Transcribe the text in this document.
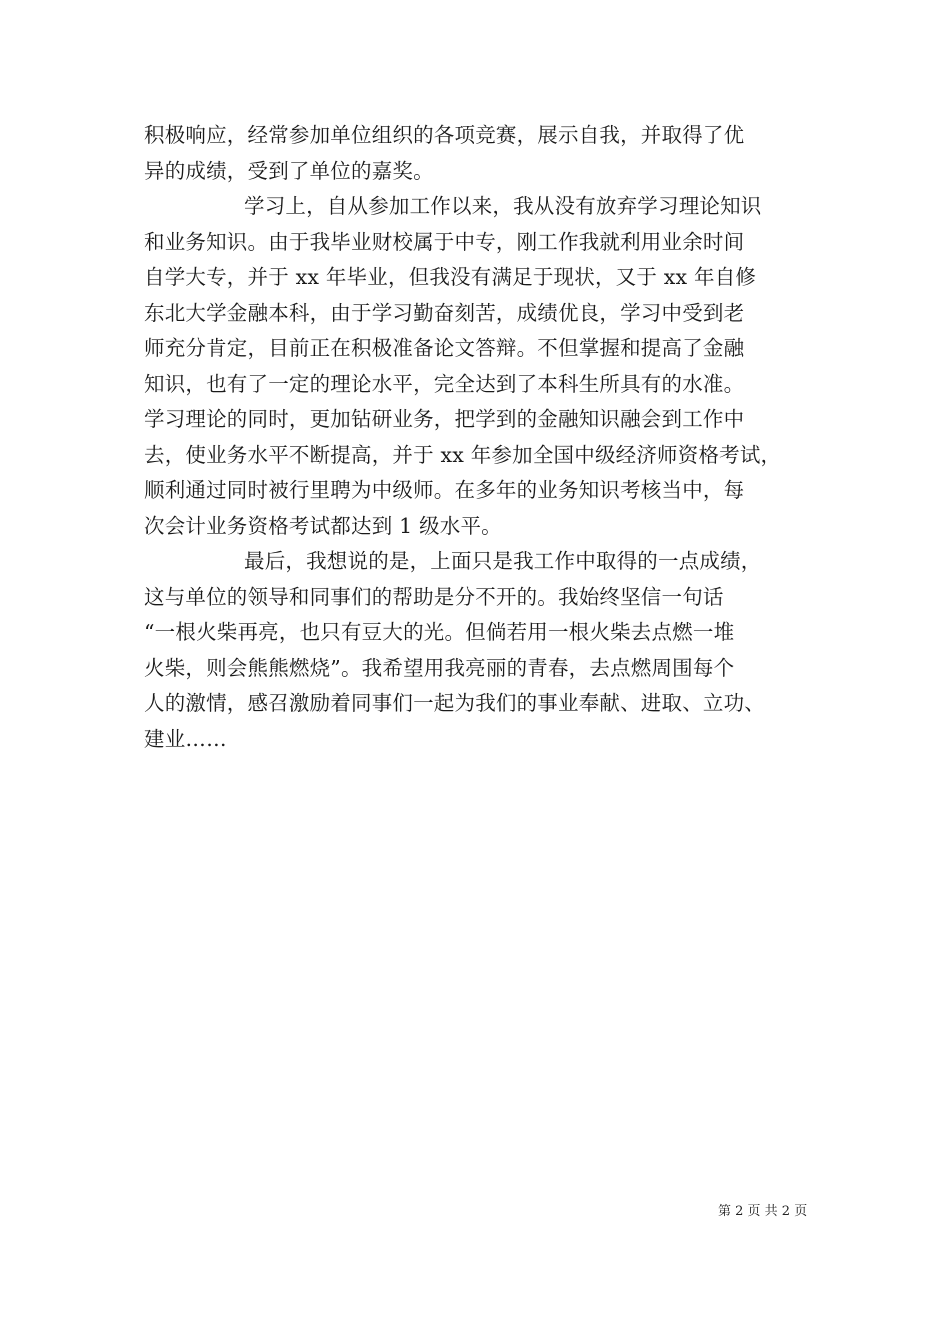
积极响应，经常参加单位组织的各项竞赛，展示自我，并取得了优
异的成绩，受到了单位的嘉奖。
学习上，自从参加工作以来，我从没有放弃学习理论知识
和业务知识。由于我毕业财校属于中专，刚工作我就利用业余时间
自学大专，并于 xx 年毕业，但我没有满足于现状，又于 xx 年自修
东北大学金融本科，由于学习勤奋刻苦，成绩优良，学习中受到老
师充分肯定，目前正在积极准备论文答辩。不但掌握和提高了金融
知识，也有了一定的理论水平，完全达到了本科生所具有的水准。
学习理论的同时，更加钻研业务，把学到的金融知识融会到工作中
去，使业务水平不断提高，并于 xx 年参加全国中级经济师资格考试，
顺利通过同时被行里聘为中级师。在多年的业务知识考核当中，每
次会计业务资格考试都达到 1 级水平。
最后，我想说的是，上面只是我工作中取得的一点成绩，
这与单位的领导和同事们的帮助是分不开的。我始终坚信一句话
“一根火柴再亮，也只有豆大的光。但倘若用一根火柴去点燃一堆
火柴，则会熊熊燃烧”。我希望用我亮丽的青春，去点燃周围每个
人的激情，感召激励着同事们一起为我们的事业奉献、进取、立功、
建业……
第 2 页 共 2 页
